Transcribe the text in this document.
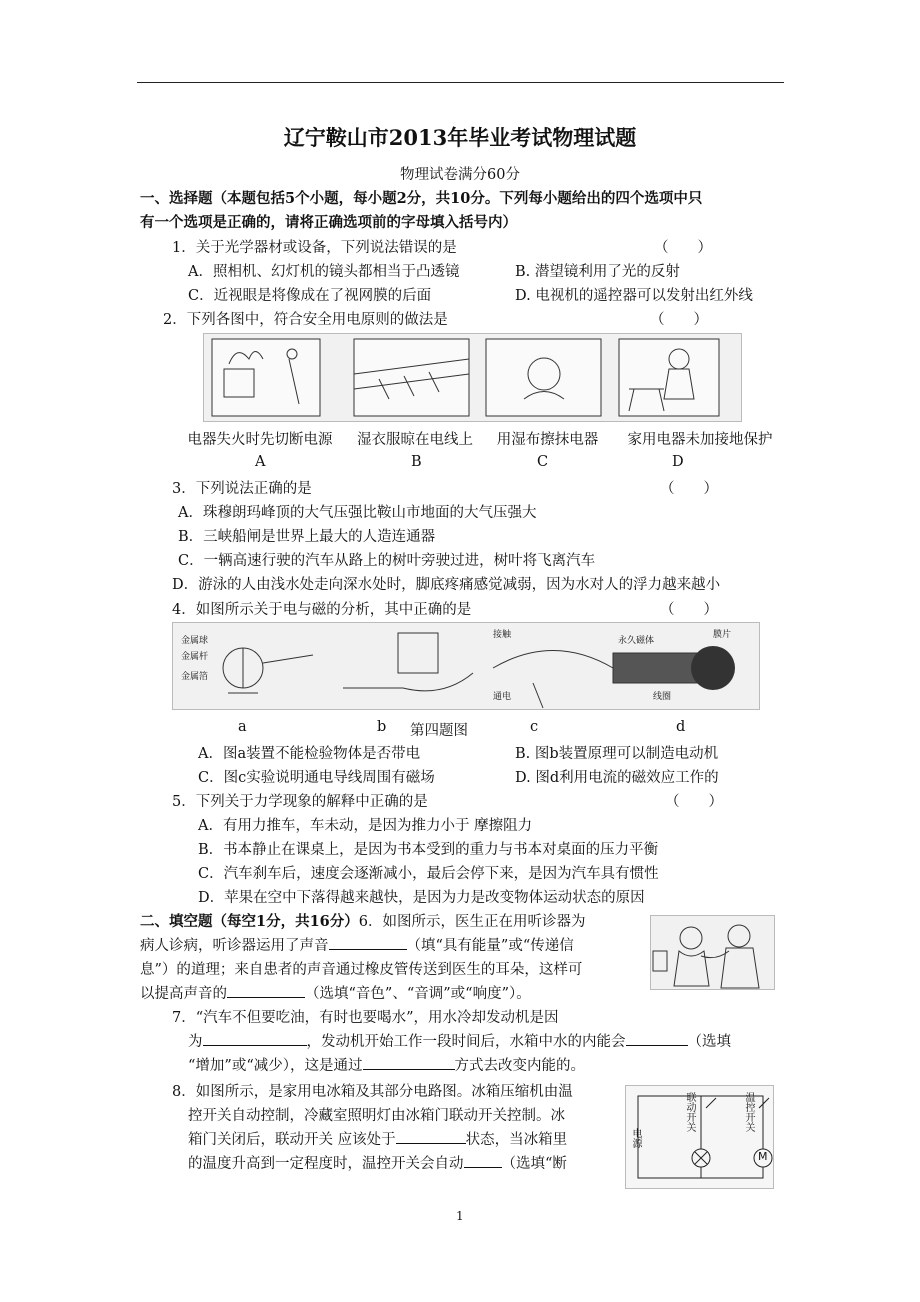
辽宁鞍山市2013年毕业考试物理试题
物理试卷满分60分
一、选择题（本题包括5个小题，每小题2分，共10分。下列每小题给出的四个选项中只
有一个选项是正确的，请将正确选项前的字母填入括号内）
1．关于光学器材或设备，下列说法错误的是	（　　）
A．照相机、幻灯机的镜头都相当于凸透镜	B. 潜望镜利用了光的反射
C．近视眼是将像成在了视网膜的后面	D. 电视机的遥控器可以发射出红外线
2．下列各图中，符合安全用电原则的做法是	（　　）
电器失火时先切断电源	湿衣服晾在电线上	用湿布擦抹电器	家用电器未加接地保护
A	B	C	D
3．下列说法正确的是	（　　）
A．珠穆朗玛峰顶的大气压强比鞍山市地面的大气压强大
B．三峡船闸是世界上最大的人造连通器
C．一辆高速行驶的汽车从路上的树叶旁驶过进，树叶将飞离汽车
D．游泳的人由浅水处走向深水处时，脚底疼痛感觉减弱，因为水对人的浮力越来越小
4．如图所示关于电与磁的分析，其中正确的是	（　　）
金属球
金属杆
金属箔
接触
通电
永久磁体
膜片
线圈
a	b 第四题图	c	d
A．图a装置不能检验物体是否带电	B. 图b装置原理可以制造电动机
C．图c实验说明通电导线周围有磁场	D. 图d利用电流的磁效应工作的
5．下列关于力学现象的解释中正确的是	（　　）
A．有用力推车，车未动，是因为推力小于 摩擦阻力
B．书本静止在课桌上，是因为书本受到的重力与书本对桌面的压力平衡
C．汽车刹车后，速度会逐渐减小，最后会停下来，是因为汽车具有惯性
D．苹果在空中下落得越来越快，是因为力是改变物体运动状态的原因
二、填空题（每空1分，共16分）6．如图所示，医生正在用听诊器为
病人诊病，听诊器运用了声音	（填“具有能量”或“传递信
息”）的道理；来自患者的声音通过橡皮管传送到医生的耳朵，这样可
以提高声音的	（选填“音色”、“音调”或“响度”）。
7．“汽车不但要吃油，有时也要喝水”，用水冷却发动机是因
为	，发动机开始工作一段时间后，水箱中水的内能会	（选填
“增加”或“减少），这是通过	方式去改变内能的。
8．如图所示，是家用电冰箱及其部分电路图。冰箱压缩机由温
控开关自动控制，冷藏室照明灯由冰箱门联动开关控制。冰
箱门关闭后，联动开关 应该处于	状态，当冰箱里
的温度升高到一定程度时，温控开关会自动	（选填“断
电源
联动开关	温控开关
M
1
